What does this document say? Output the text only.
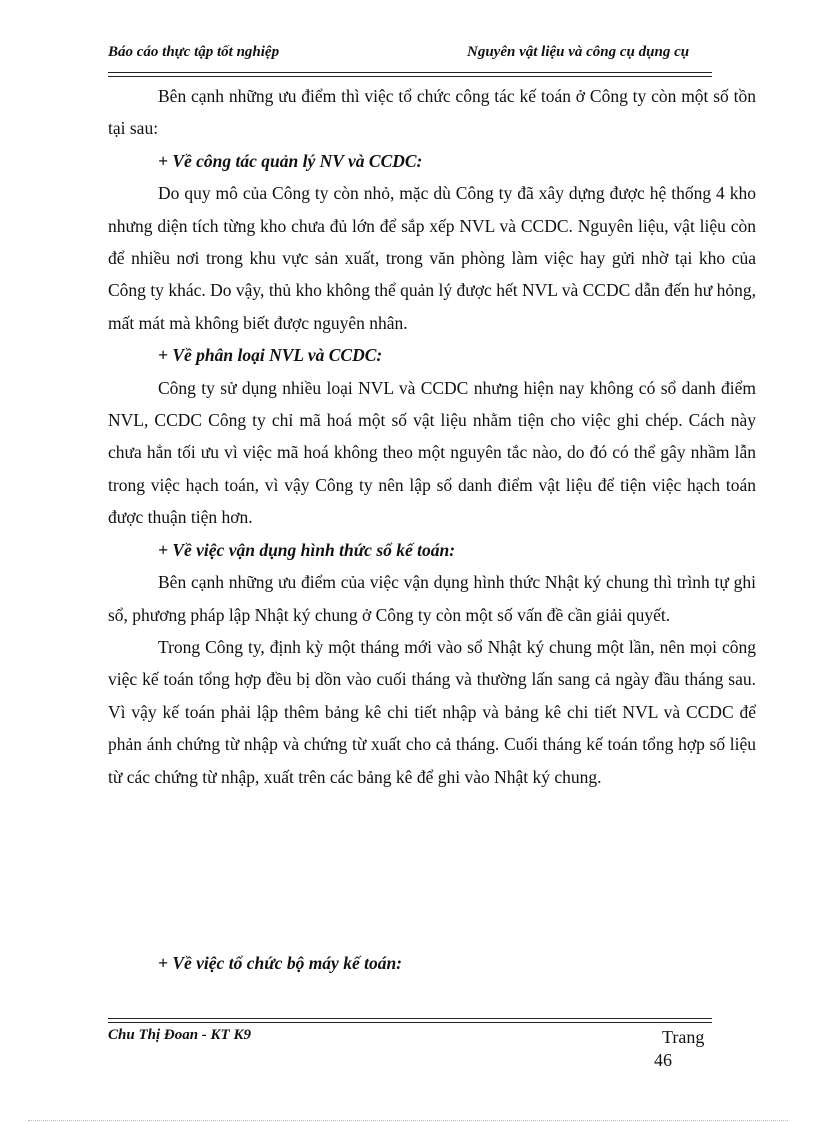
Báo cáo thực tập tốt nghiệp	Nguyên vật liệu và công cụ dụng cụ

Bên cạnh những ưu điểm thì việc tổ chức công tác kế toán ở Công ty còn một số tồn tại sau:

+ Về công tác quản lý NV và CCDC:

Do quy mô của Công ty còn nhỏ, mặc dù Công ty đã xây dựng được hệ thống 4 kho nhưng diện tích từng kho chưa đủ lớn để sắp xếp NVL và CCDC. Nguyên liệu, vật liệu còn để nhiều nơi trong khu vực sản xuất, trong văn phòng làm việc hay gửi nhờ tại kho của Công ty khác. Do vậy, thủ kho không thể quản lý được hết NVL và CCDC dẫn đến hư hỏng, mất mát mà không biết được nguyên nhân.

+ Về phân loại NVL và CCDC:

Công ty sử dụng nhiều loại NVL và CCDC nhưng hiện nay không có sổ danh điểm NVL, CCDC Công ty chỉ mã hoá một số vật liệu nhằm tiện cho việc ghi chép. Cách này chưa hẳn tối ưu vì việc mã hoá không theo một nguyên tắc nào, do đó có thể gây nhầm lẫn trong việc hạch toán, vì vậy Công ty nên lập sổ danh điểm vật liệu để tiện việc hạch toán được thuận tiện hơn.

+ Về việc vận dụng hình thức sổ kế toán:

Bên cạnh những ưu điểm của việc vận dụng hình thức Nhật ký chung thì trình tự ghi sổ, phương pháp lập Nhật ký chung ở Công ty còn một số vấn đề cần giải quyết.

Trong Công ty, định kỳ một tháng mới vào sổ Nhật ký chung một lần, nên mọi công việc kế toán tổng hợp đều bị dồn vào cuối tháng và thường lấn sang cả ngày đầu tháng sau. Vì vậy kế toán phải lập thêm bảng kê chi tiết nhập và bảng kê chi tiết NVL và CCDC để phản ánh chứng từ nhập và chứng từ xuất cho cả tháng. Cuối tháng kế toán tổng hợp số liệu từ các chứng từ nhập, xuất trên các bảng kê để ghi vào Nhật ký chung.

+ Về việc tổ chức bộ máy kế toán:
Chu Thị Đoan - KT K9	Trang
46
